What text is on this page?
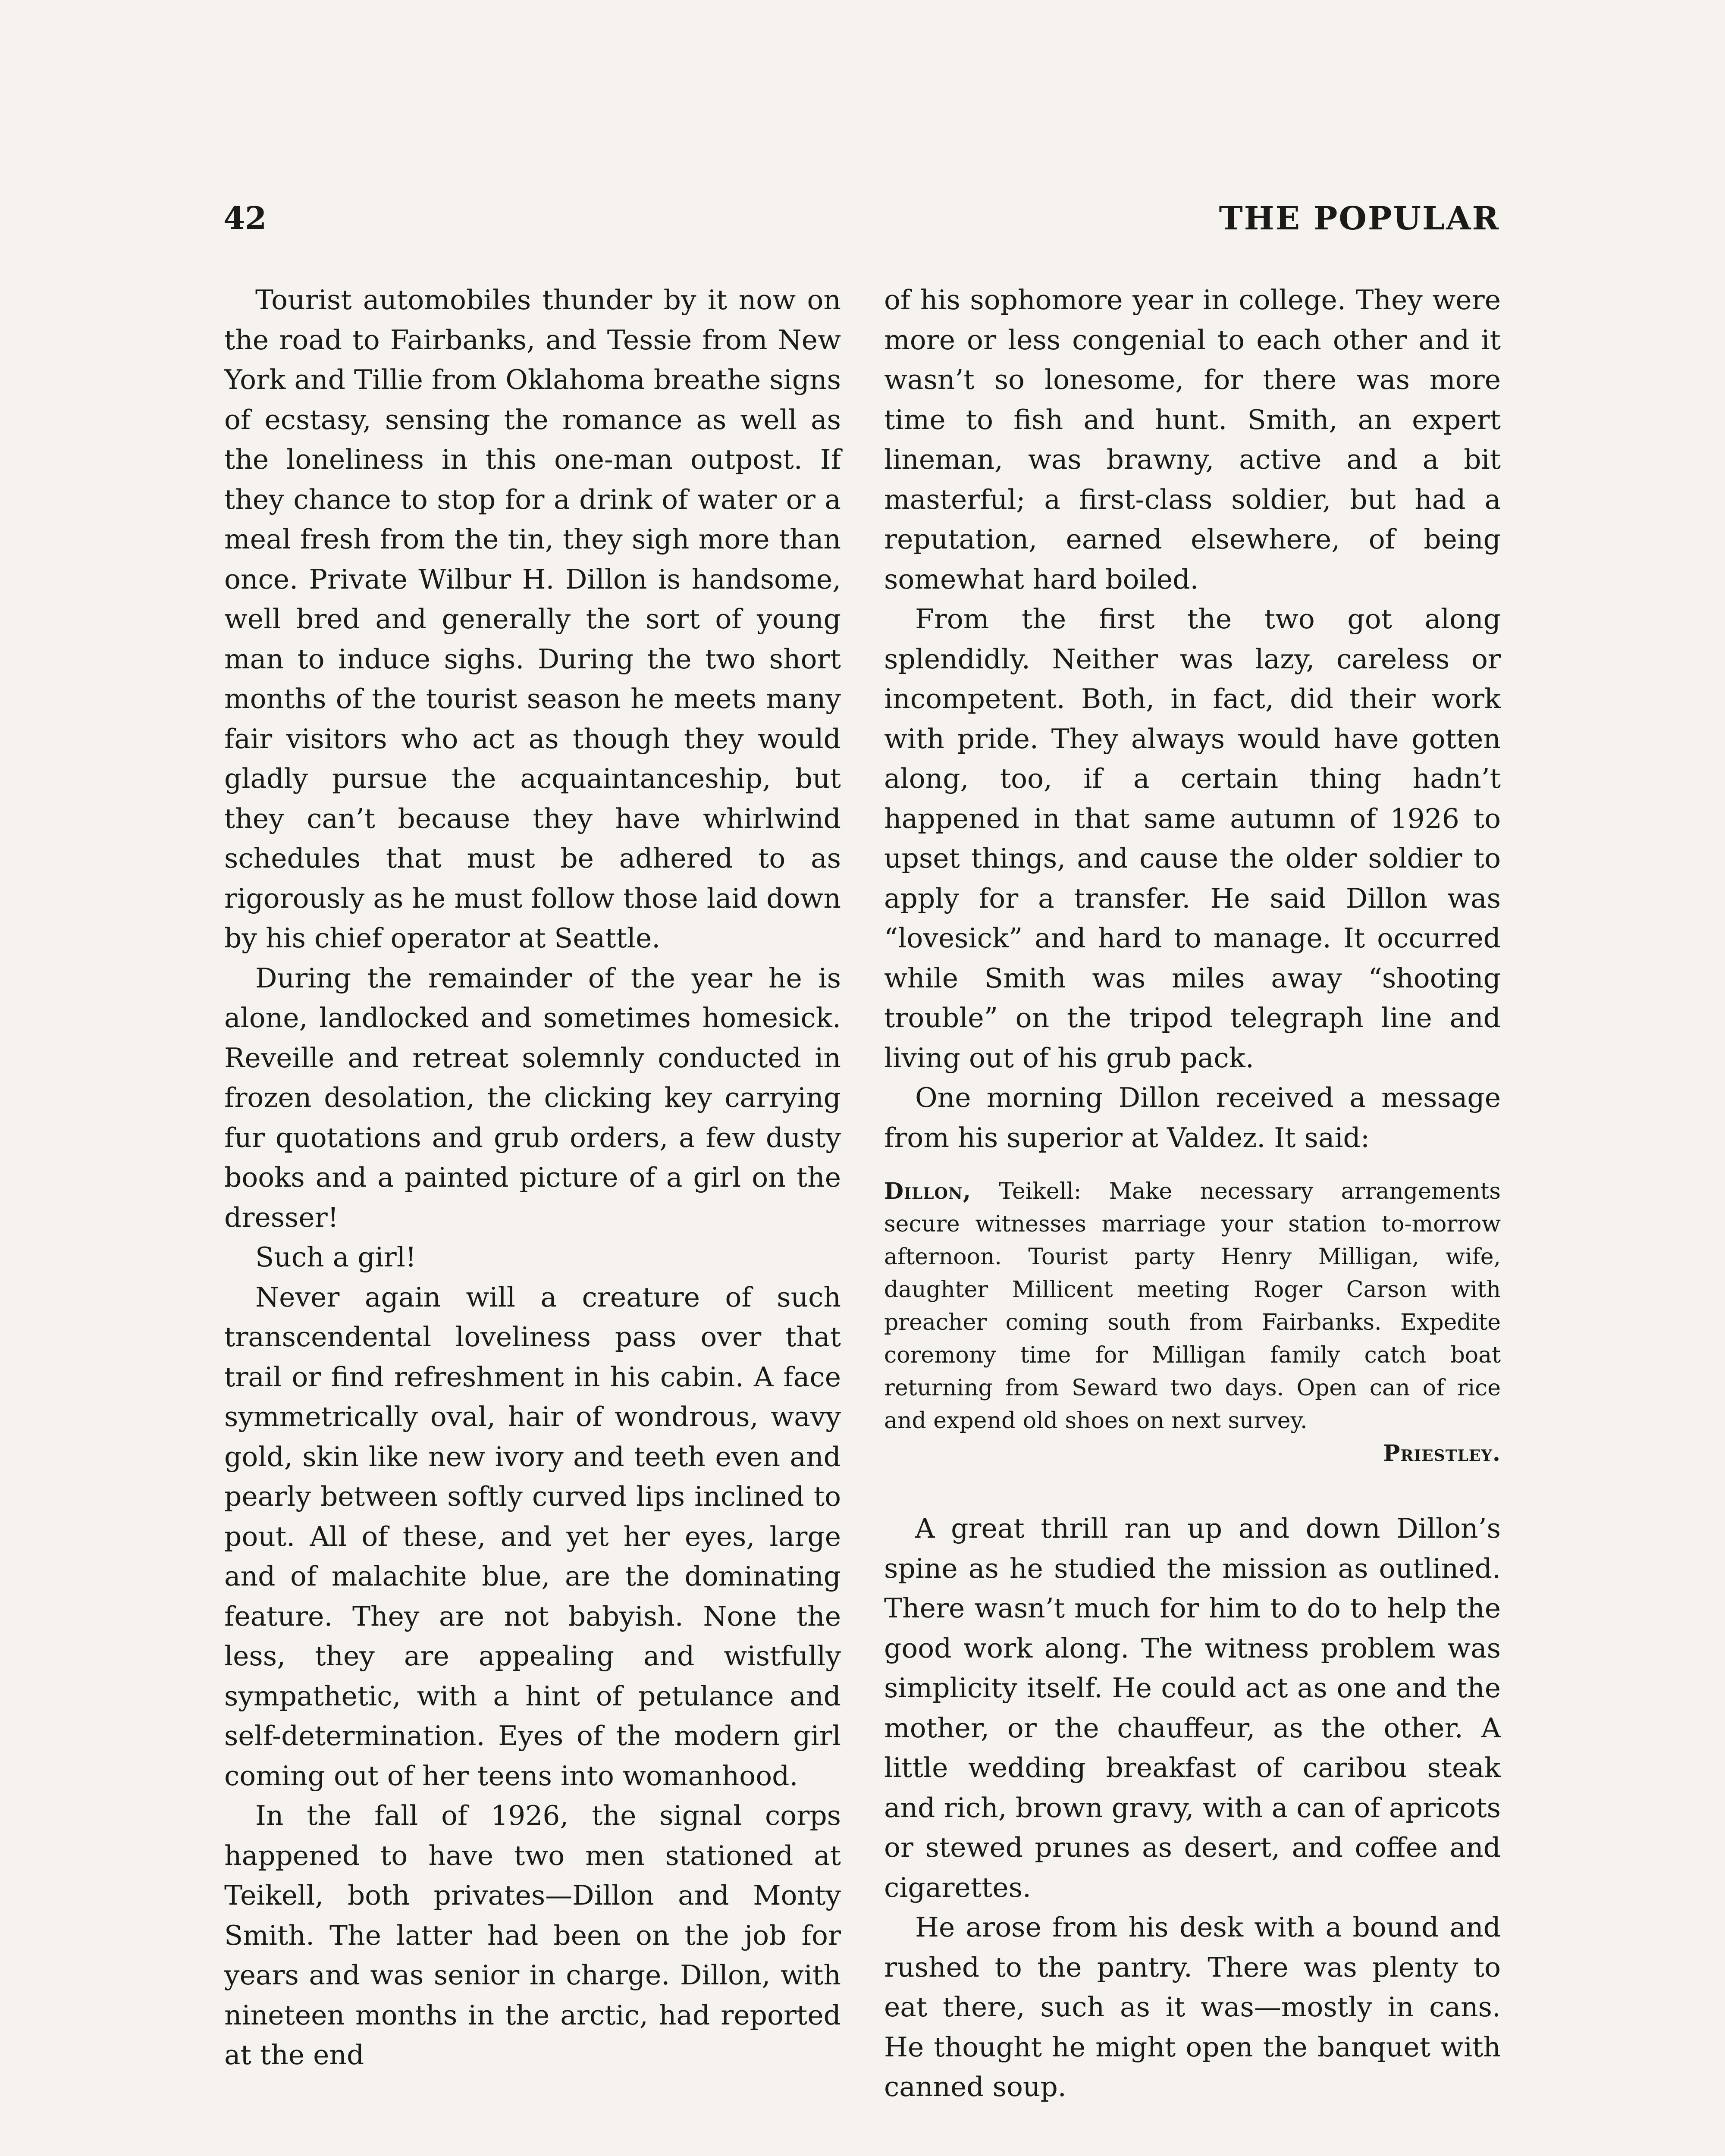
42	THE POPULAR

Tourist automobiles thunder by it now on the road to Fairbanks, and Tessie from New York and Tillie from Oklahoma breathe signs of ecstasy, sensing the romance as well as the loneliness in this one-man outpost. If they chance to stop for a drink of water or a meal fresh from the tin, they sigh more than once. Private Wilbur H. Dillon is handsome, well bred and generally the sort of young man to induce sighs. During the two short months of the tourist season he meets many fair visitors who act as though they would gladly pursue the acquaintanceship, but they can’t because they have whirlwind schedules that must be adhered to as rigorously as he must follow those laid down by his chief operator at Seattle.

During the remainder of the year he is alone, landlocked and sometimes homesick. Reveille and retreat solemnly conducted in frozen desolation, the clicking key carrying fur quotations and grub orders, a few dusty books and a painted picture of a girl on the dresser!

Such a girl!

Never again will a creature of such transcendental loveliness pass over that trail or find refreshment in his cabin. A face symmetrically oval, hair of wondrous, wavy gold, skin like new ivory and teeth even and pearly between softly curved lips inclined to pout. All of these, and yet her eyes, large and of malachite blue, are the dominating feature. They are not babyish. None the less, they are appealing and wistfully sympathetic, with a hint of petulance and self-determination. Eyes of the modern girl coming out of her teens into womanhood.

In the fall of 1926, the signal corps happened to have two men stationed at Teikell, both privates—Dillon and Monty Smith. The latter had been on the job for years and was senior in charge. Dillon, with nineteen months in the arctic, had reported at the end

of his sophomore year in college. They were more or less congenial to each other and it wasn’t so lonesome, for there was more time to fish and hunt. Smith, an expert lineman, was brawny, active and a bit masterful; a first-class soldier, but had a reputation, earned elsewhere, of being somewhat hard boiled.

From the first the two got along splendidly. Neither was lazy, careless or incompetent. Both, in fact, did their work with pride. They always would have gotten along, too, if a certain thing hadn’t happened in that same autumn of 1926 to upset things, and cause the older soldier to apply for a transfer. He said Dillon was “lovesick” and hard to manage. It occurred while Smith was miles away “shooting trouble” on the tripod telegraph line and living out of his grub pack.

One morning Dillon received a message from his superior at Valdez. It said:

Dillon, Teikell: Make necessary arrangements secure witnesses marriage your station to-morrow afternoon. Tourist party Henry Milligan, wife, daughter Millicent meeting Roger Carson with preacher coming south from Fairbanks. Expedite coremony time for Milligan family catch boat returning from Seward two days. Open can of rice and expend old shoes on next survey.

Priestley.

A great thrill ran up and down Dillon’s spine as he studied the mission as outlined. There wasn’t much for him to do to help the good work along. The witness problem was simplicity itself. He could act as one and the mother, or the chauffeur, as the other. A little wedding breakfast of caribou steak and rich, brown gravy, with a can of apricots or stewed prunes as desert, and coffee and cigarettes.

He arose from his desk with a bound and rushed to the pantry. There was plenty to eat there, such as it was—mostly in cans. He thought he might open the banquet with canned soup.
